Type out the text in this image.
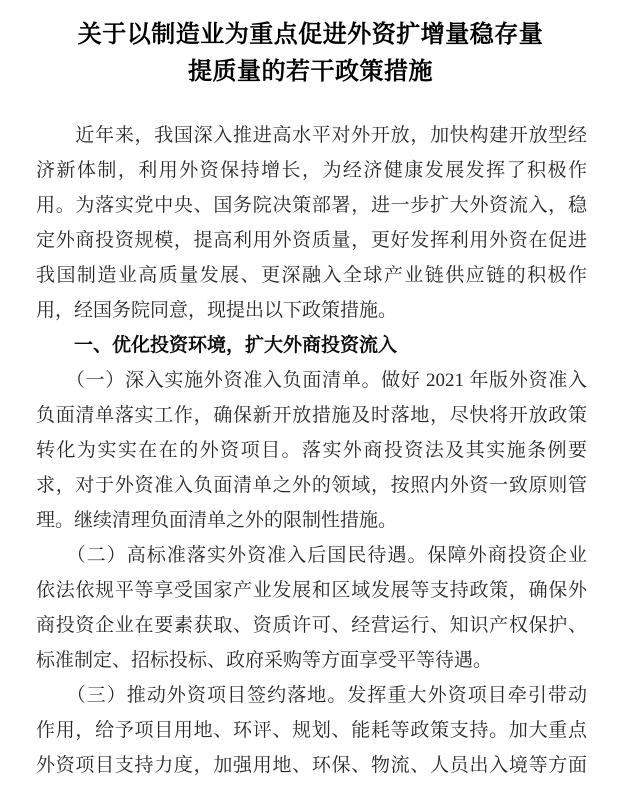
关于以制造业为重点促进外资扩增量稳存量
提质量的若干政策措施
　　近年来，我国深入推进高水平对外开放，加快构建开放型经
济新体制，利用外资保持增长，为经济健康发展发挥了积极作
用。为落实党中央、国务院决策部署，进一步扩大外资流入，稳
定外商投资规模，提高利用外资质量，更好发挥利用外资在促进
我国制造业高质量发展、更深融入全球产业链供应链的积极作
用，经国务院同意，现提出以下政策措施。
　　一、优化投资环境，扩大外商投资流入
　　（一）深入实施外资准入负面清单。做好 2021 年版外资准入
负面清单落实工作，确保新开放措施及时落地，尽快将开放政策
转化为实实在在的外资项目。落实外商投资法及其实施条例要
求，对于外资准入负面清单之外的领域，按照内外资一致原则管
理。继续清理负面清单之外的限制性措施。
　　（二）高标准落实外资准入后国民待遇。保障外商投资企业
依法依规平等享受国家产业发展和区域发展等支持政策，确保外
商投资企业在要素获取、资质许可、经营运行、知识产权保护、
标准制定、招标投标、政府采购等方面享受平等待遇。
　　（三）推动外资项目签约落地。发挥重大外资项目牵引带动
作用，给予项目用地、环评、规划、能耗等政策支持。加大重点
外资项目支持力度，加强用地、环保、物流、人员出入境等方面
